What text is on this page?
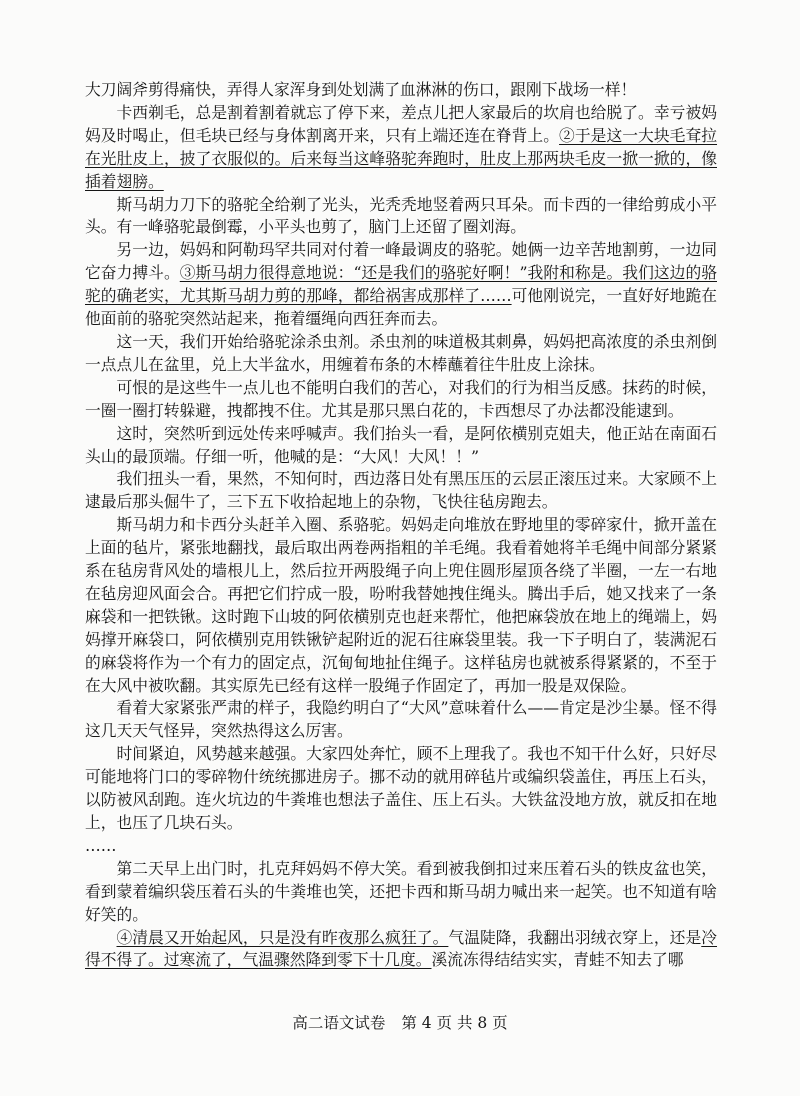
大刀阔斧剪得痛快，弄得人家浑身到处划满了血淋淋的伤口，跟刚下战场一样！

卡西剃毛，总是割着割着就忘了停下来，差点儿把人家最后的坎肩也给脱了。幸亏被妈妈及时喝止，但毛块已经与身体割离开来，只有上端还连在脊背上。②于是这一大块毛耷拉在光肚皮上，披了衣服似的。后来每当这峰骆驼奔跑时，肚皮上那两块毛皮一掀一掀的，像插着翅膀。

斯马胡力刀下的骆驼全给剃了光头，光秃秃地竖着两只耳朵。而卡西的一律给剪成小平头。有一峰骆驼最倒霉，小平头也剪了，脑门上还留了圈刘海。

另一边，妈妈和阿勒玛罕共同对付着一峰最调皮的骆驼。她俩一边辛苦地割剪，一边同它奋力搏斗。③斯马胡力很得意地说：“还是我们的骆驼好啊！”我附和称是。我们这边的骆驼的确老实，尤其斯马胡力剪的那峰，都给祸害成那样了……可他刚说完，一直好好地跪在他面前的骆驼突然站起来，拖着缰绳向西狂奔而去。

这一天，我们开始给骆驼涂杀虫剂。杀虫剂的味道极其刺鼻，妈妈把高浓度的杀虫剂倒一点点儿在盆里，兑上大半盆水，用缠着布条的木棒蘸着往牛肚皮上涂抹。

可恨的是这些牛一点儿也不能明白我们的苦心，对我们的行为相当反感。抹药的时候，一圈一圈打转躲避，拽都拽不住。尤其是那只黑白花的，卡西想尽了办法都没能逮到。

这时，突然听到远处传来呼喊声。我们抬头一看，是阿依横别克姐夫，他正站在南面石头山的最顶端。仔细一听，他喊的是：“大风！大风！！”

我们扭头一看，果然，不知何时，西边落日处有黑压压的云层正滚压过来。大家顾不上逮最后那头倔牛了，三下五下收拾起地上的杂物，飞快往毡房跑去。

斯马胡力和卡西分头赶羊入圈、系骆驼。妈妈走向堆放在野地里的零碎家什，掀开盖在上面的毡片，紧张地翻找，最后取出两卷两指粗的羊毛绳。我看着她将羊毛绳中间部分紧紧系在毡房背风处的墙根儿上，然后拉开两股绳子向上兜住圆形屋顶各绕了半圈，一左一右地在毡房迎风面会合。再把它们拧成一股，吩咐我替她拽住绳头。腾出手后，她又找来了一条麻袋和一把铁锹。这时跑下山坡的阿依横别克也赶来帮忙，他把麻袋放在地上的绳端上，妈妈撑开麻袋口，阿依横别克用铁锹铲起附近的泥石往麻袋里装。我一下子明白了，装满泥石的麻袋将作为一个有力的固定点，沉甸甸地扯住绳子。这样毡房也就被系得紧紧的，不至于在大风中被吹翻。其实原先已经有这样一股绳子作固定了，再加一股是双保险。

看着大家紧张严肃的样子，我隐约明白了“大风”意味着什么——肯定是沙尘暴。怪不得这几天天气怪异，突然热得这么厉害。

时间紧迫，风势越来越强。大家四处奔忙，顾不上理我了。我也不知干什么好，只好尽可能地将门口的零碎物什统统挪进房子。挪不动的就用碎毡片或编织袋盖住，再压上石头，以防被风刮跑。连火坑边的牛粪堆也想法子盖住、压上石头。大铁盆没地方放，就反扣在地上，也压了几块石头。

……

第二天早上出门时，扎克拜妈妈不停大笑。看到被我倒扣过来压着石头的铁皮盆也笑，看到蒙着编织袋压着石头的牛粪堆也笑，还把卡西和斯马胡力喊出来一起笑。也不知道有啥好笑的。

④清晨又开始起风，只是没有昨夜那么疯狂了。气温陡降，我翻出羽绒衣穿上，还是冷得不得了。过寒流了，气温骤然降到零下十几度。溪流冻得结结实实，青蛙不知去了哪

高二语文试卷 第 4 页 共 8 页
